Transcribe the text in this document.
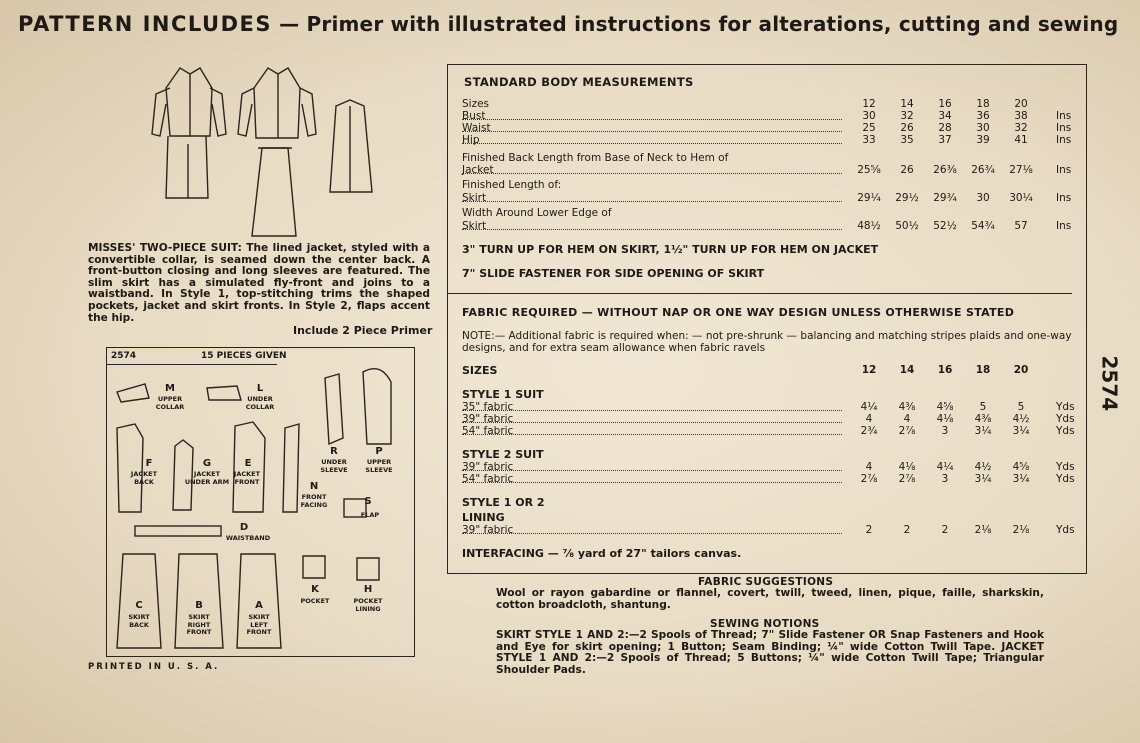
PATTERN INCLUDES — Primer with illustrated instructions for alterations, cutting and sewing
MISSES' TWO-PIECE SUIT: The lined jacket, styled with a convertible collar, is seamed down the center back. A front-button closing and long sleeves are featured. The slim skirt has a simulated fly-front and joins to a waistband. In Style 1, top-stitching trims the shaped pockets, jacket and skirt fronts. In Style 2, flaps accent the hip.
Include 2 Piece Primer
2574	15 PIECES GIVEN
M
UPPER COLLAR
L
UNDER COLLAR
R
UNDER SLEEVE
P
UPPER SLEEVE
F
JACKET BACK
G
JACKET UNDER ARM
E
JACKET FRONT	N
FRONT FACING	S
FLAP
D
WAISTBAND
K
POCKET
H
POCKET LINING
C
SKIRT BACK
B
SKIRT RIGHT FRONT
A
SKIRT LEFT FRONT
PRINTED IN U. S. A.
STANDARD BODY MEASUREMENTS
Sizes	12	14	16	18	20
Bust	30	32	34	36	38	Ins
Waist	25	26	28	30	32	Ins
Hip	33	35	37	39	41	Ins
Finished Back Length from Base of Neck to Hem of
Jacket	25⅝	26	26⅜	26¾	27⅛	Ins
Finished Length of:
Skirt	29¼	29½	29¾	30	30¼	Ins
Width Around Lower Edge of
Skirt	48½	50½	52½	54¾	57	Ins
3" TURN UP FOR HEM ON SKIRT, 1½" TURN UP FOR HEM ON JACKET
7" SLIDE FASTENER FOR SIDE OPENING OF SKIRT
FABRIC REQUIRED — WITHOUT NAP OR ONE WAY DESIGN UNLESS OTHERWISE STATED
NOTE:— Additional fabric is required when: — not pre-shrunk — balancing and matching stripes plaids and one-way designs, and for extra seam allowance when fabric ravels
SIZES	12	14	16	18	20
STYLE 1 SUIT
35" fabric	4¼	4⅜	4⅝	5	5	Yds
39" fabric	4	4	4⅛	4⅜	4½	Yds
54" fabric	2¾	2⅞	3	3¼	3¼	Yds
STYLE 2 SUIT
39" fabric	4	4⅛	4¼	4½	4⅝	Yds
54" fabric	2⅞	2⅞	3	3¼	3¼	Yds
STYLE 1 OR 2
LINING
39" fabric	2	2	2	2⅛	2⅛	Yds
INTERFACING — ⅞ yard of 27" tailors canvas.
FABRIC SUGGESTIONS
Wool or rayon gabardine or flannel, covert, twill, tweed, linen, pique, faille, sharkskin, cotton broadcloth, shantung.
SEWING NOTIONS
SKIRT STYLE 1 AND 2:—2 Spools of Thread; 7" Slide Fastener OR Snap Fasteners and Hook and Eye for skirt opening; 1 Button; Seam Binding; ¼" wide Cotton Twill Tape. JACKET STYLE 1 AND 2:—2 Spools of Thread; 5 Buttons; ¼" wide Cotton Twill Tape; Triangular Shoulder Pads.
2574
